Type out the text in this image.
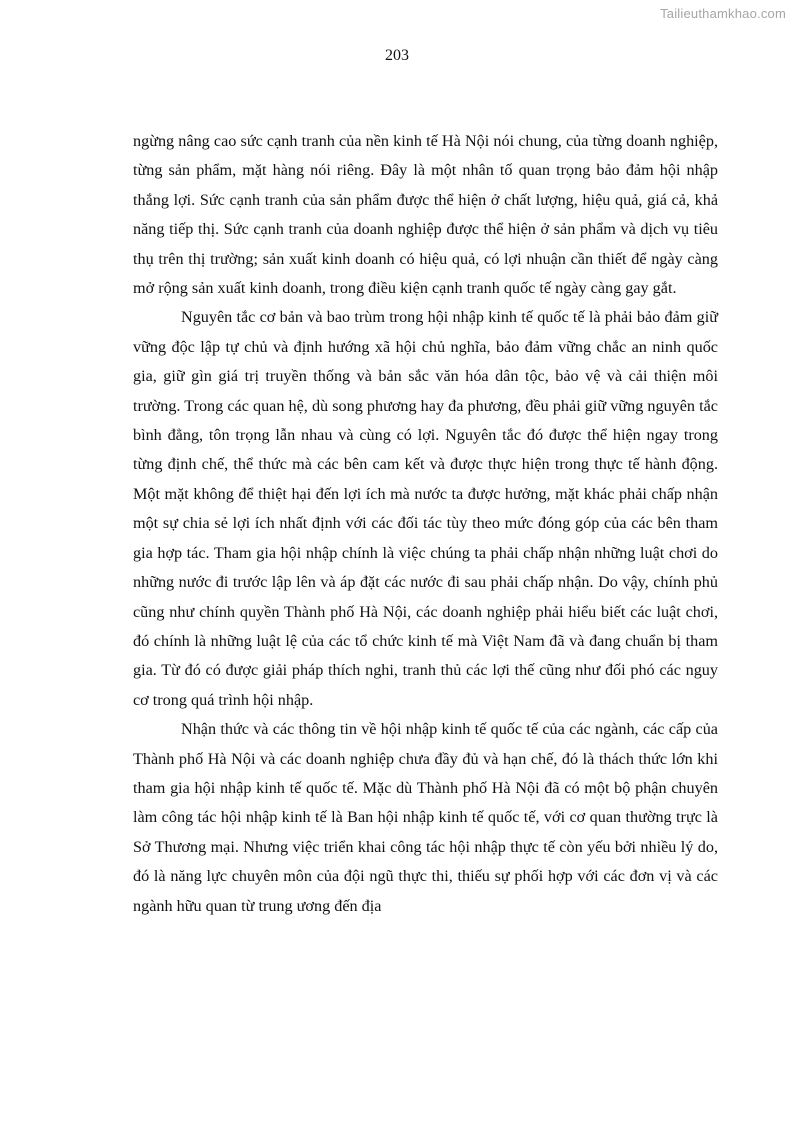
Tailieuthamkhao.com
203

ngừng nâng cao sức cạnh tranh của nền kinh tế Hà Nội nói chung, của từng doanh nghiệp, từng sản phẩm, mặt hàng nói riêng. Đây là một nhân tố quan trọng bảo đảm hội nhập thắng lợi. Sức cạnh tranh của sản phẩm được thể hiện ở chất lượng, hiệu quả, giá cả, khả năng tiếp thị. Sức cạnh tranh của doanh nghiệp được thể hiện ở sản phẩm và dịch vụ tiêu thụ trên thị trường; sản xuất kinh doanh có hiệu quả, có lợi nhuận cần thiết để ngày càng mở rộng sản xuất kinh doanh, trong điều kiện cạnh tranh quốc tế ngày càng gay gắt.

Nguyên tắc cơ bản và bao trùm trong hội nhập kinh tế quốc tế là phải bảo đảm giữ vững độc lập tự chủ và định hướng xã hội chủ nghĩa, bảo đảm vững chắc an ninh quốc gia, giữ gìn giá trị truyền thống và bản sắc văn hóa dân tộc, bảo vệ và cải thiện môi trường. Trong các quan hệ, dù song phương hay đa phương, đều phải giữ vững nguyên tắc bình đẳng, tôn trọng lẫn nhau và cùng có lợi. Nguyên tắc đó được thể hiện ngay trong từng định chế, thể thức mà các bên cam kết và được thực hiện trong thực tế hành động. Một mặt không để thiệt hại đến lợi ích mà nước ta được hưởng, mặt khác phải chấp nhận một sự chia sẻ lợi ích nhất định với các đối tác tùy theo mức đóng góp của các bên tham gia hợp tác. Tham gia hội nhập chính là việc chúng ta phải chấp nhận những luật chơi do những nước đi trước lập lên và áp đặt các nước đi sau phải chấp nhận. Do vậy, chính phủ cũng như chính quyền Thành phố Hà Nội, các doanh nghiệp phải hiểu biết các luật chơi, đó chính là những luật lệ của các tổ chức kinh tế mà Việt Nam đã và đang chuẩn bị tham gia. Từ đó có được giải pháp thích nghi, tranh thủ các lợi thế cũng như đối phó các nguy cơ trong quá trình hội nhập.

Nhận thức và các thông tin về hội nhập kinh tế quốc tế của các ngành, các cấp của Thành phố Hà Nội và các doanh nghiệp chưa đầy đủ và hạn chế, đó là thách thức lớn khi tham gia hội nhập kinh tế quốc tế. Mặc dù Thành phố Hà Nội đã có một bộ phận chuyên làm công tác hội nhập kinh tế là Ban hội nhập kinh tế quốc tế, với cơ quan thường trực là Sở Thương mại. Nhưng việc triển khai công tác hội nhập thực tế còn yếu bởi nhiều lý do, đó là năng lực chuyên môn của đội ngũ thực thi, thiếu sự phối hợp với các đơn vị và các ngành hữu quan từ trung ương đến địa
